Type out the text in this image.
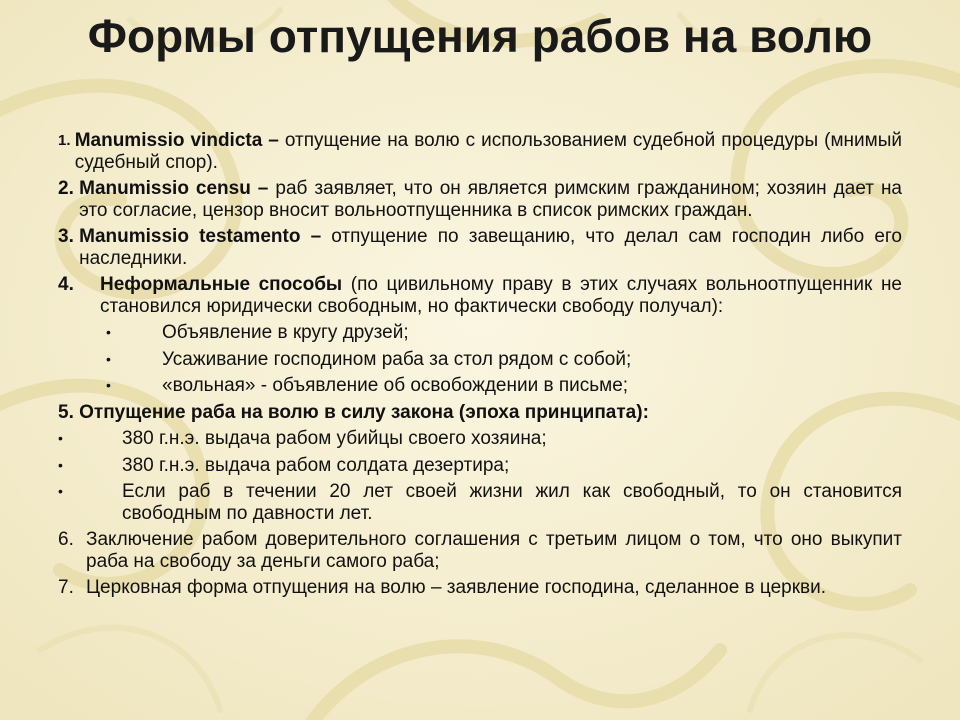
Формы отпущения рабов на волю
1. Manumissio vindicta – отпущение на волю с использованием судебной процедуры (мнимый судебный спор).
2. Manumissio censu – раб заявляет, что он является римским гражданином; хозяин дает на это согласие, цензор вносит вольноотпущенника в список римских граждан.
3. Manumissio testamento – отпущение по завещанию, что делал сам господин либо его наследники.
4.	Неформальные способы (по цивильному праву в этих случаях вольноотпущенник не становился юридически свободным, но фактически свободу получал):
•	Объявление в кругу друзей;
•	Усаживание господином раба за стол рядом с собой;
•	«вольная» - объявление об освобождении в письме;
5. Отпущение раба на волю в силу закона (эпоха принципата):
•	380 г.н.э. выдача рабом убийцы своего хозяина;
•	380 г.н.э. выдача рабом солдата дезертира;
•	Если раб в течении 20 лет своей жизни жил как свободный, то он становится свободным по давности лет.
6. Заключение рабом доверительного соглашения с третьим лицом о том, что оно выкупит раба на свободу за деньги самого раба;
7. Церковная форма отпущения на волю – заявление господина, сделанное в церкви.
